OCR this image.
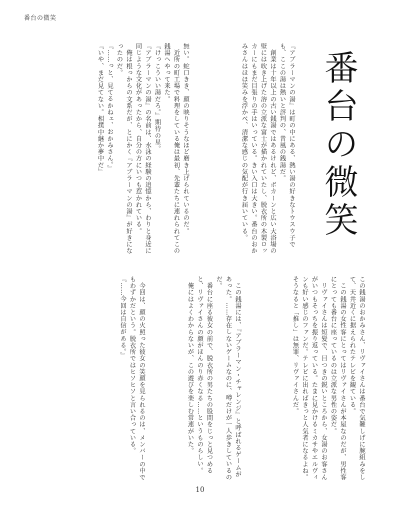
番台の微笑
番台の微笑
『アブラーマンの湯』は町の中にある、熱い湯の好きなトウスウ子でも、ここの湯は熱いと評判の、昔風の銭湯だ。
　創業は十年以上の古い銭湯ではあるけれど、ボカーンと広い大浴場の壁には吹き上げた溶の立派な富士が描かれていたし、脱衣所の木製ロッカーにもまだ目張りの手はいっている。きい入口は大きい。番台のおかみさんはほほ笑みを浮かべ、清潔な感じの気配が行き届いている。
無い。蛇口きき、顔の映りそうなほど磨き上げられているのだ。
　近所の町工場で料理をしている俺は最初、先輩たちに連れられてこの銭湯へやって来た。
『けっこういい湯だろ。』期待の星。
『アブラーマンの湯』の名前は、水泳の経験の追憶から、わりと身近に同じような文化があったから、自分の方にいつも惹かれている。
　俺は根っからの文系だが、とにかく『アブラーマンの湯』が好きになったのだ。
『……っと、見てるかねェ、おかみさん。』
『いや、まだ見てない。相撲中継か夢中だ』
この銭湯のおかみさん、リヴァイさんは番台で気難しげに腕組みをして、天井近くに据えられたテレビを観ている。
　この銭湯の女性客にとってはリヴァイさんが本屋なのだが、男性客にとっても番台に座っているのは立派な男性の姿だ。
　リヴァイさんは短髪で、目つきの鋭いところから、女湯のお客さんがいつもそっちを振り返っている。たまに見かけるミカサやエルヴィンも好い感じのファンだ。テレビに出ればきっと人気者になるよね。
そうなると「推し」は無罪、リヴァイさんだ。
　この銭湯には、『アブラーマン・チャレンジ』と呼ばれるゲームがあった。……存在しないゲームなのに、噂だけが一人歩きしているのだ。
　番台に座る彼女の前で、脱衣所の男たちの股間をじっと見つめると、リヴァイさんの顔がほんのり赤くなる……というものらしい。
　俺にはよくわからないが、この遊びを楽しむ常連がいた。
　今回は、顔の火照った彼女の笑顔を見られるのは、メンバーの中でもわずかだという。脱衣所ではヒソヒソと言い合っている。
『……今回は自信がある。』
10
